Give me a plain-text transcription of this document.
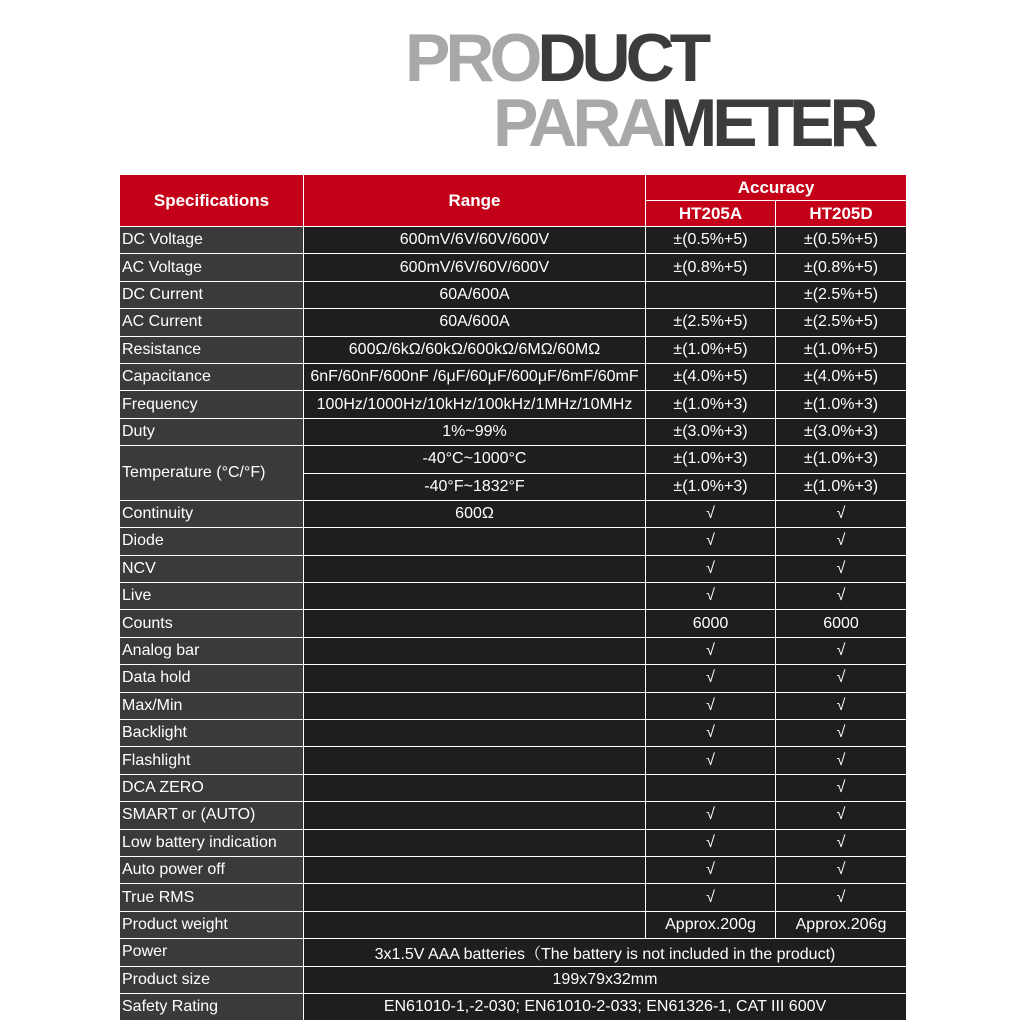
PRODUCT
PARAMETER
Specifications	Range	Accuracy	
		HT205A	HT205D
DC Voltage	600mV/6V/60V/600V	±(0.5%+5)	±(0.5%+5)
AC Voltage	600mV/6V/60V/600V	±(0.8%+5)	±(0.8%+5)
DC Current	60A/600A		±(2.5%+5)
AC Current	60A/600A	±(2.5%+5)	±(2.5%+5)
Resistance	600Ω/6kΩ/60kΩ/600kΩ/6MΩ/60MΩ	±(1.0%+5)	±(1.0%+5)
Capacitance	6nF/60nF/600nF /6μF/60μF/600μF/6mF/60mF	±(4.0%+5)	±(4.0%+5)
Frequency	100Hz/1000Hz/10kHz/100kHz/1MHz/10MHz	±(1.0%+3)	±(1.0%+3)
Duty	1%~99%	±(3.0%+3)	±(3.0%+3)
Temperature (°C/°F)	-40°C~1000°C	±(1.0%+3)	±(1.0%+3)
	-40°F~1832°F	±(1.0%+3)	±(1.0%+3)
Continuity	600Ω	√	√
Diode		√	√
NCV		√	√
Live		√	√
Counts		6000	6000
Analog bar		√	√
Data hold		√	√
Max/Min		√	√
Backlight		√	√
Flashlight		√	√
DCA ZERO			√
SMART or (AUTO)		√	√
Low battery indication		√	√
Auto power off		√	√
True RMS		√	√
Product weight		Approx.200g	Approx.206g
Power	3x1.5V AAA batteries（The battery is not included in the product)		
Product size	199x79x32mm		
Safety Rating	EN61010-1,-2-030; EN61010-2-033; EN61326-1, CAT III 600V		
